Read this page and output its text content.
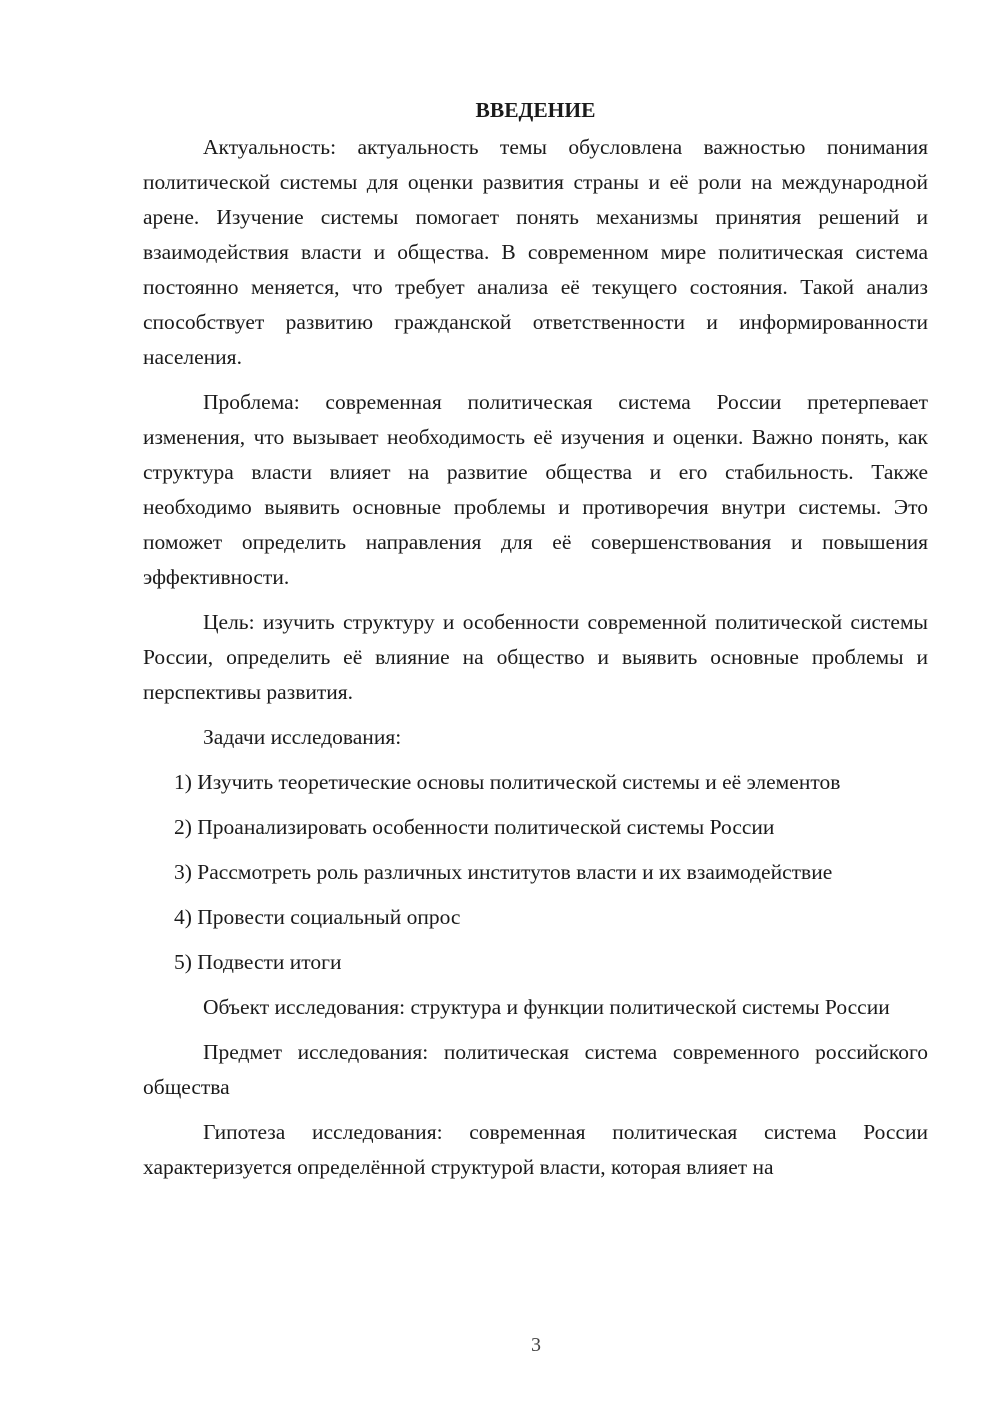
ВВЕДЕНИЕ

Актуальность: актуальность темы обусловлена важностью понимания политической системы для оценки развития страны и её роли на международной арене. Изучение системы помогает понять механизмы принятия решений и взаимодействия власти и общества. В современном мире политическая система постоянно меняется, что требует анализа её текущего состояния. Такой анализ способствует развитию гражданской ответственности и информированности населения.

Проблема: современная политическая система России претерпевает изменения, что вызывает необходимость её изучения и оценки. Важно понять, как структура власти влияет на развитие общества и его стабильность. Также необходимо выявить основные проблемы и противоречия внутри системы. Это поможет определить направления для её совершенствования и повышения эффективности.

Цель: изучить структуру и особенности современной политической системы России, определить её влияние на общество и выявить основные проблемы и перспективы развития.

Задачи исследования:

1) Изучить теоретические основы политической системы и её элементов

2) Проанализировать особенности политической системы России

3) Рассмотреть роль различных институтов власти и их взаимодействие

4) Провести социальный опрос

5) Подвести итоги

Объект исследования: структура и функции политической системы России

Предмет исследования: политическая система современного российского общества

Гипотеза исследования: современная политическая система России характеризуется определённой структурой власти, которая влияет на

3
